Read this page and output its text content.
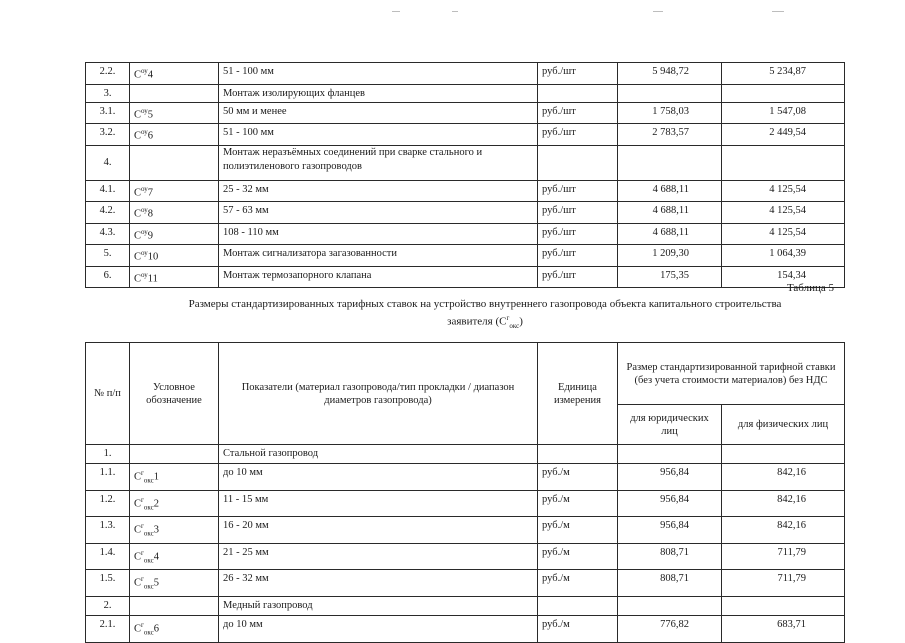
2.2.	$C^{оу}4$	51 - 100 мм	руб./шт	5 948,72	5 234,87
3.		Монтаж изолирующих фланцев			
3.1.	$C^{оу}5$	50 мм и менее	руб./шт	1 758,03	1 547,08
3.2.	$C^{оу}6$	51 - 100 мм	руб./шт	2 783,57	2 449,54
4.		Монтаж неразъёмных соединений при сварке стального и полиэтиленового газопроводов			
4.1.	$C^{оу}7$	25 - 32 мм	руб./шт	4 688,11	4 125,54
4.2.	$C^{оу}8$	57 - 63 мм	руб./шт	4 688,11	4 125,54
4.3.	$C^{оу}9$	108 - 110 мм	руб./шт	4 688,11	4 125,54
5.	$C^{оу}10$	Монтаж сигнализатора загазованности	руб./шт	1 209,30	1 064,39
6.	$C^{оу}11$	Монтаж термозапорного клапана	руб./шт	175,35	154,34
Таблица 5
Размеры стандартизированных тарифных ставок на устройство внутреннего газопровода объекта капитального строительства
заявителя $(C^г_{окс})$
№ п/п	Условное обозначение	Показатели (материал газопровода/тип прокладки / диапазон диаметров газопровода)	Единица измерения	Размер стандартизированной тарифной ставки (без учета стоимости материалов) без НДС	
				для юридических лиц	для физических лиц
1.		Стальной газопровод			
1.1.	$C^г_{окс}1$	до 10 мм	руб./м	956,84	842,16
1.2.	$C^г_{окс}2$	11 - 15 мм	руб./м	956,84	842,16
1.3.	$C^г_{окс}3$	16 - 20 мм	руб./м	956,84	842,16
1.4.	$C^г_{окс}4$	21 - 25 мм	руб./м	808,71	711,79
1.5.	$C^г_{окс}5$	26 - 32 мм	руб./м	808,71	711,79
2.		Медный газопровод			
2.1.	$C^г_{окс}6$	до 10 мм	руб./м	776,82	683,71
